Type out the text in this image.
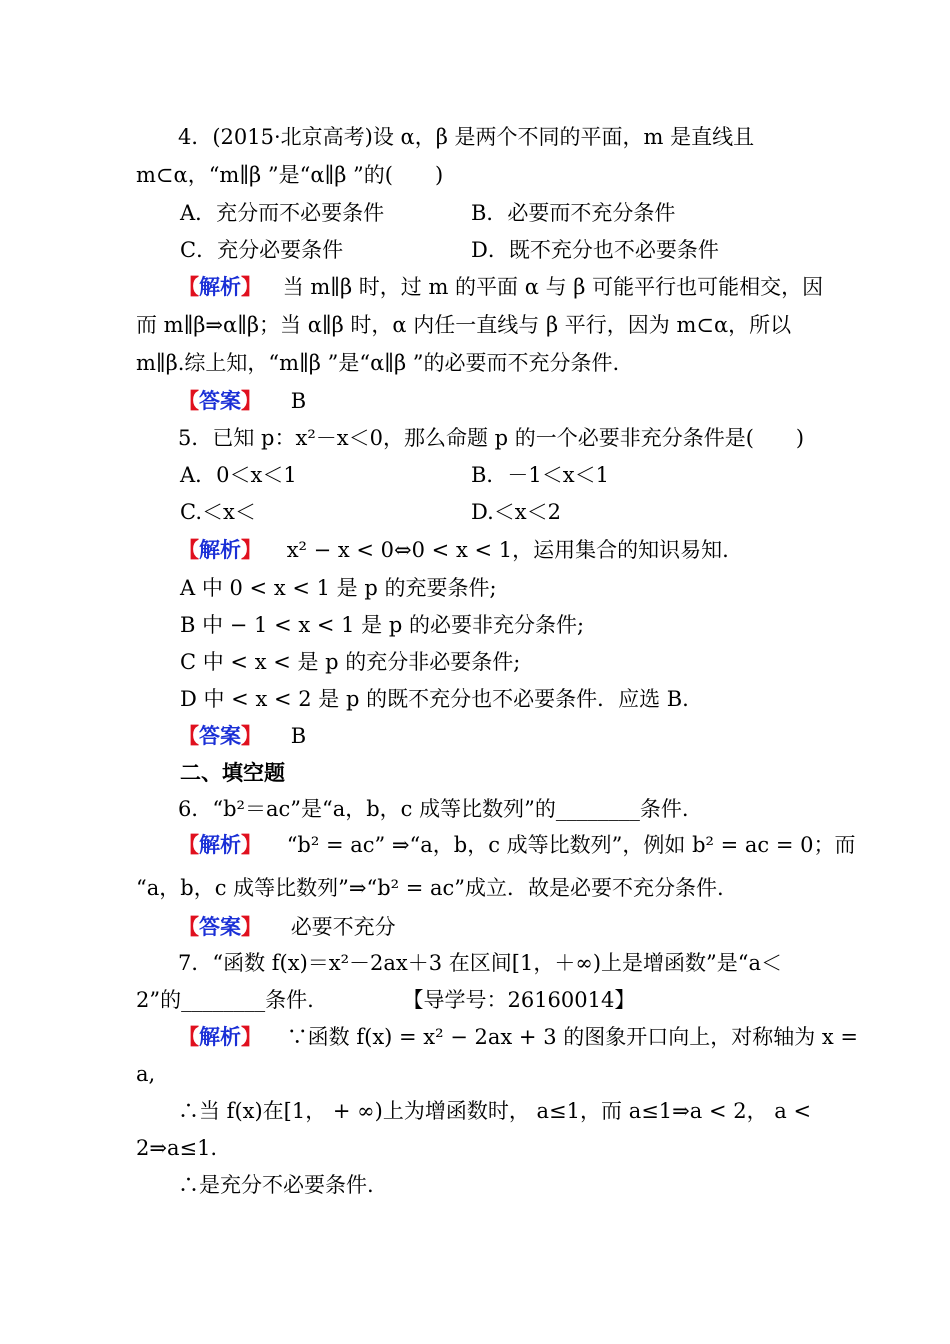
4．(2015·北京高考)设 α，β 是两个不同的平面，m 是直线且
m⊂α，“m∥β ”是“α∥β ”的(　　)
A．充分而不必要条件	B．必要而不充分条件
C．充分必要条件	D．既不充分也不必要条件
【解析】 当 m∥β 时，过 m 的平面 α 与 β 可能平行也可能相交，因
而 m∥β⇒α∥β；当 α∥β 时，α 内任一直线与 β 平行，因为 m⊂α，所以
m∥β.综上知，“m∥β ”是“α∥β ”的必要而不充分条件.
【答案】 B
5．已知 p：x²－x＜0，那么命题 p 的一个必要非充分条件是(　　)
A．0＜x＜1	B．－1＜x＜1
C.＜x＜	D.＜x＜2
【解析】 x² − x < 0⇔0 < x < 1，运用集合的知识易知.
A 中 0 < x < 1 是 p 的充要条件;
B 中 − 1 < x < 1 是 p 的必要非充分条件;
C 中 < x < 是 p 的充分非必要条件;
D 中 < x < 2 是 p 的既不充分也不必要条件．应选 B.
【答案】 B
二、填空题
6．“b²＝ac”是“a，b，c 成等比数列”的________条件.
【解析】 “b² = ac” ⇒“a，b，c 成等比数列”，例如 b² = ac = 0；而
“a，b，c 成等比数列”⇒“b² = ac”成立．故是必要不充分条件.
【答案】 必要不充分
7．“函数 f(x)＝x²－2ax＋3 在区间[1，＋∞)上是增函数”是“a＜
2”的________条件.	【导学号：26160014】
【解析】 ∵函数 f(x) = x² − 2ax + 3 的图象开口向上，对称轴为 x =
a,
∴当 f(x)在[1， + ∞)上为增函数时， a≤1，而 a≤1⇒a < 2， a <
2⇒a≤1.
∴是充分不必要条件.
